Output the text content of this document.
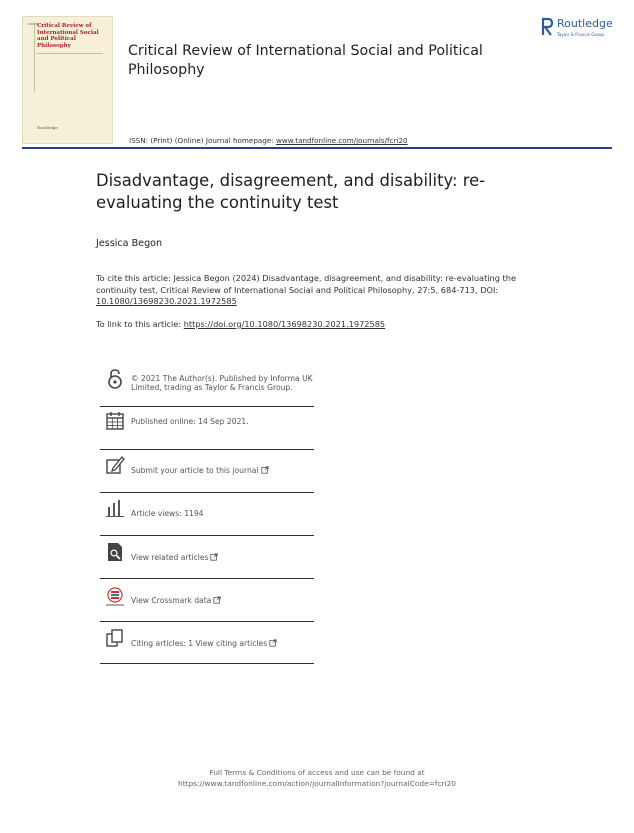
CRISPP Critical Review of International Social and Political Philosophy
Routledge
Critical Review of International Social and Political Philosophy
ISSN: (Print) (Online) Journal homepage: www.tandfonline.com/journals/fcri20
Routledge
Taylor & Francis Group
Disadvantage, disagreement, and disability: re-evaluating the continuity test
Jessica Begon
To cite this article: Jessica Begon (2024) Disadvantage, disagreement, and disability: re-evaluating the continuity test, Critical Review of International Social and Political Philosophy, 27:5, 684-713, DOI: 10.1080/13698230.2021.1972585
To link to this article: https://doi.org/10.1080/13698230.2021.1972585
© 2021 The Author(s). Published by Informa UK Limited, trading as Taylor & Francis Group.
Published online: 14 Sep 2021.
Submit your article to this journal
Article views: 1194
View related articles
View Crossmark data
Citing articles: 1 View citing articles
Full Terms & Conditions of access and use can be found at
https://www.tandfonline.com/action/journalInformation?journalCode=fcri20
